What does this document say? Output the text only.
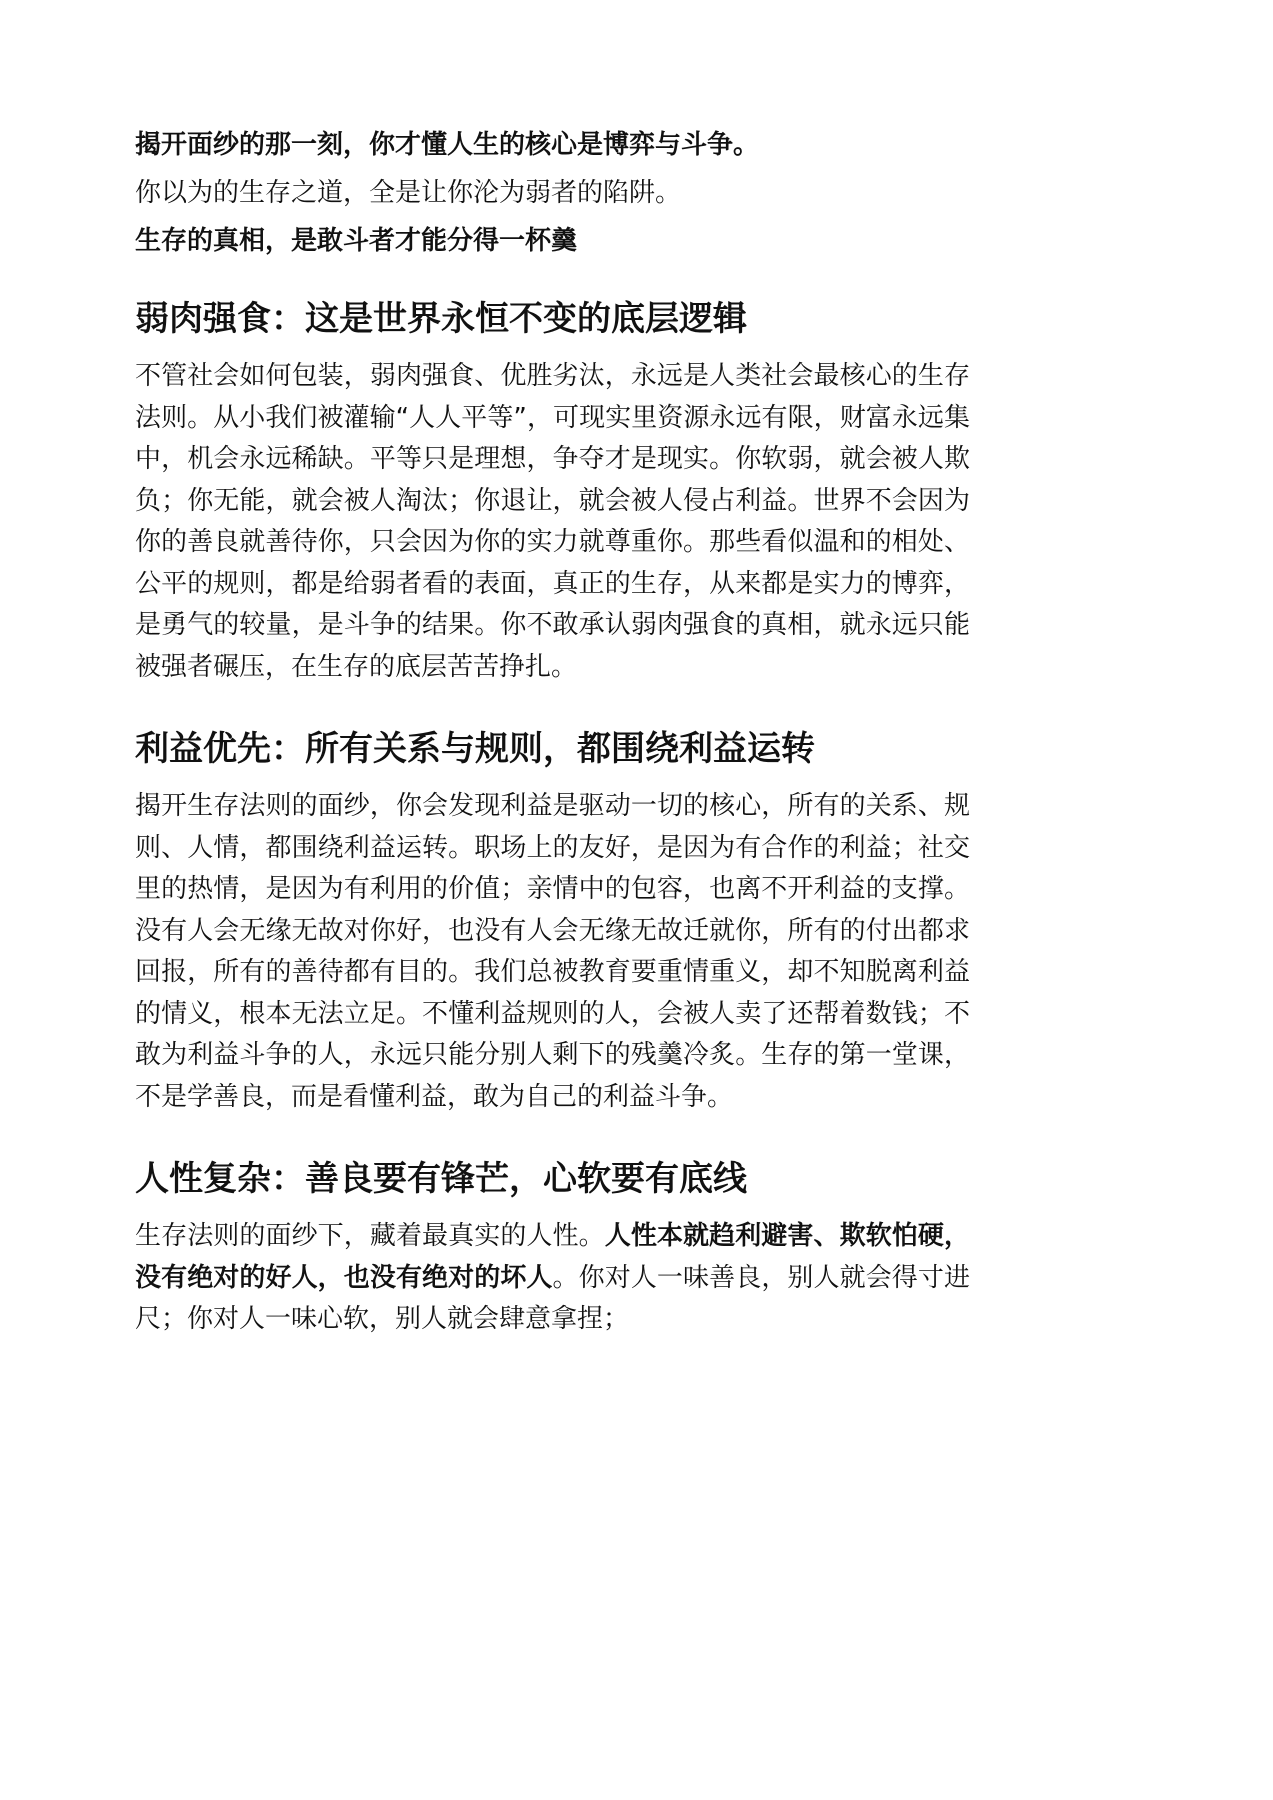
揭开面纱的那一刻，你才懂人生的核心是博弈与斗争。

你以为的生存之道，全是让你沦为弱者的陷阱。

生存的真相，是敢斗者才能分得一杯羹

弱肉强食：这是世界永恒不变的底层逻辑

不管社会如何包装，弱肉强食、优胜劣汰，永远是人类社会最核心的生存法则。从小我们被灌输“人人平等”，可现实里资源永远有限，财富永远集中，机会永远稀缺。平等只是理想，争夺才是现实。你软弱，就会被人欺负；你无能，就会被人淘汰；你退让，就会被人侵占利益。世界不会因为你的善良就善待你，只会因为你的实力就尊重你。那些看似温和的相处、公平的规则，都是给弱者看的表面，真正的生存，从来都是实力的博弈，是勇气的较量，是斗争的结果。你不敢承认弱肉强食的真相，就永远只能被强者碾压，在生存的底层苦苦挣扎。

利益优先：所有关系与规则，都围绕利益运转

揭开生存法则的面纱，你会发现利益是驱动一切的核心，所有的关系、规则、人情，都围绕利益运转。职场上的友好，是因为有合作的利益；社交里的热情，是因为有利用的价值；亲情中的包容，也离不开利益的支撑。没有人会无缘无故对你好，也没有人会无缘无故迁就你，所有的付出都求回报，所有的善待都有目的。我们总被教育要重情重义，却不知脱离利益的情义，根本无法立足。不懂利益规则的人，会被人卖了还帮着数钱；不敢为利益斗争的人，永远只能分别人剩下的残羹冷炙。生存的第一堂课，不是学善良，而是看懂利益，敢为自己的利益斗争。

人性复杂：善良要有锋芒，心软要有底线

生存法则的面纱下，藏着最真实的人性。人性本就趋利避害、欺软怕硬，没有绝对的好人，也没有绝对的坏人。你对人一味善良，别人就会得寸进尺；你对人一味心软，别人就会肆意拿捏；
